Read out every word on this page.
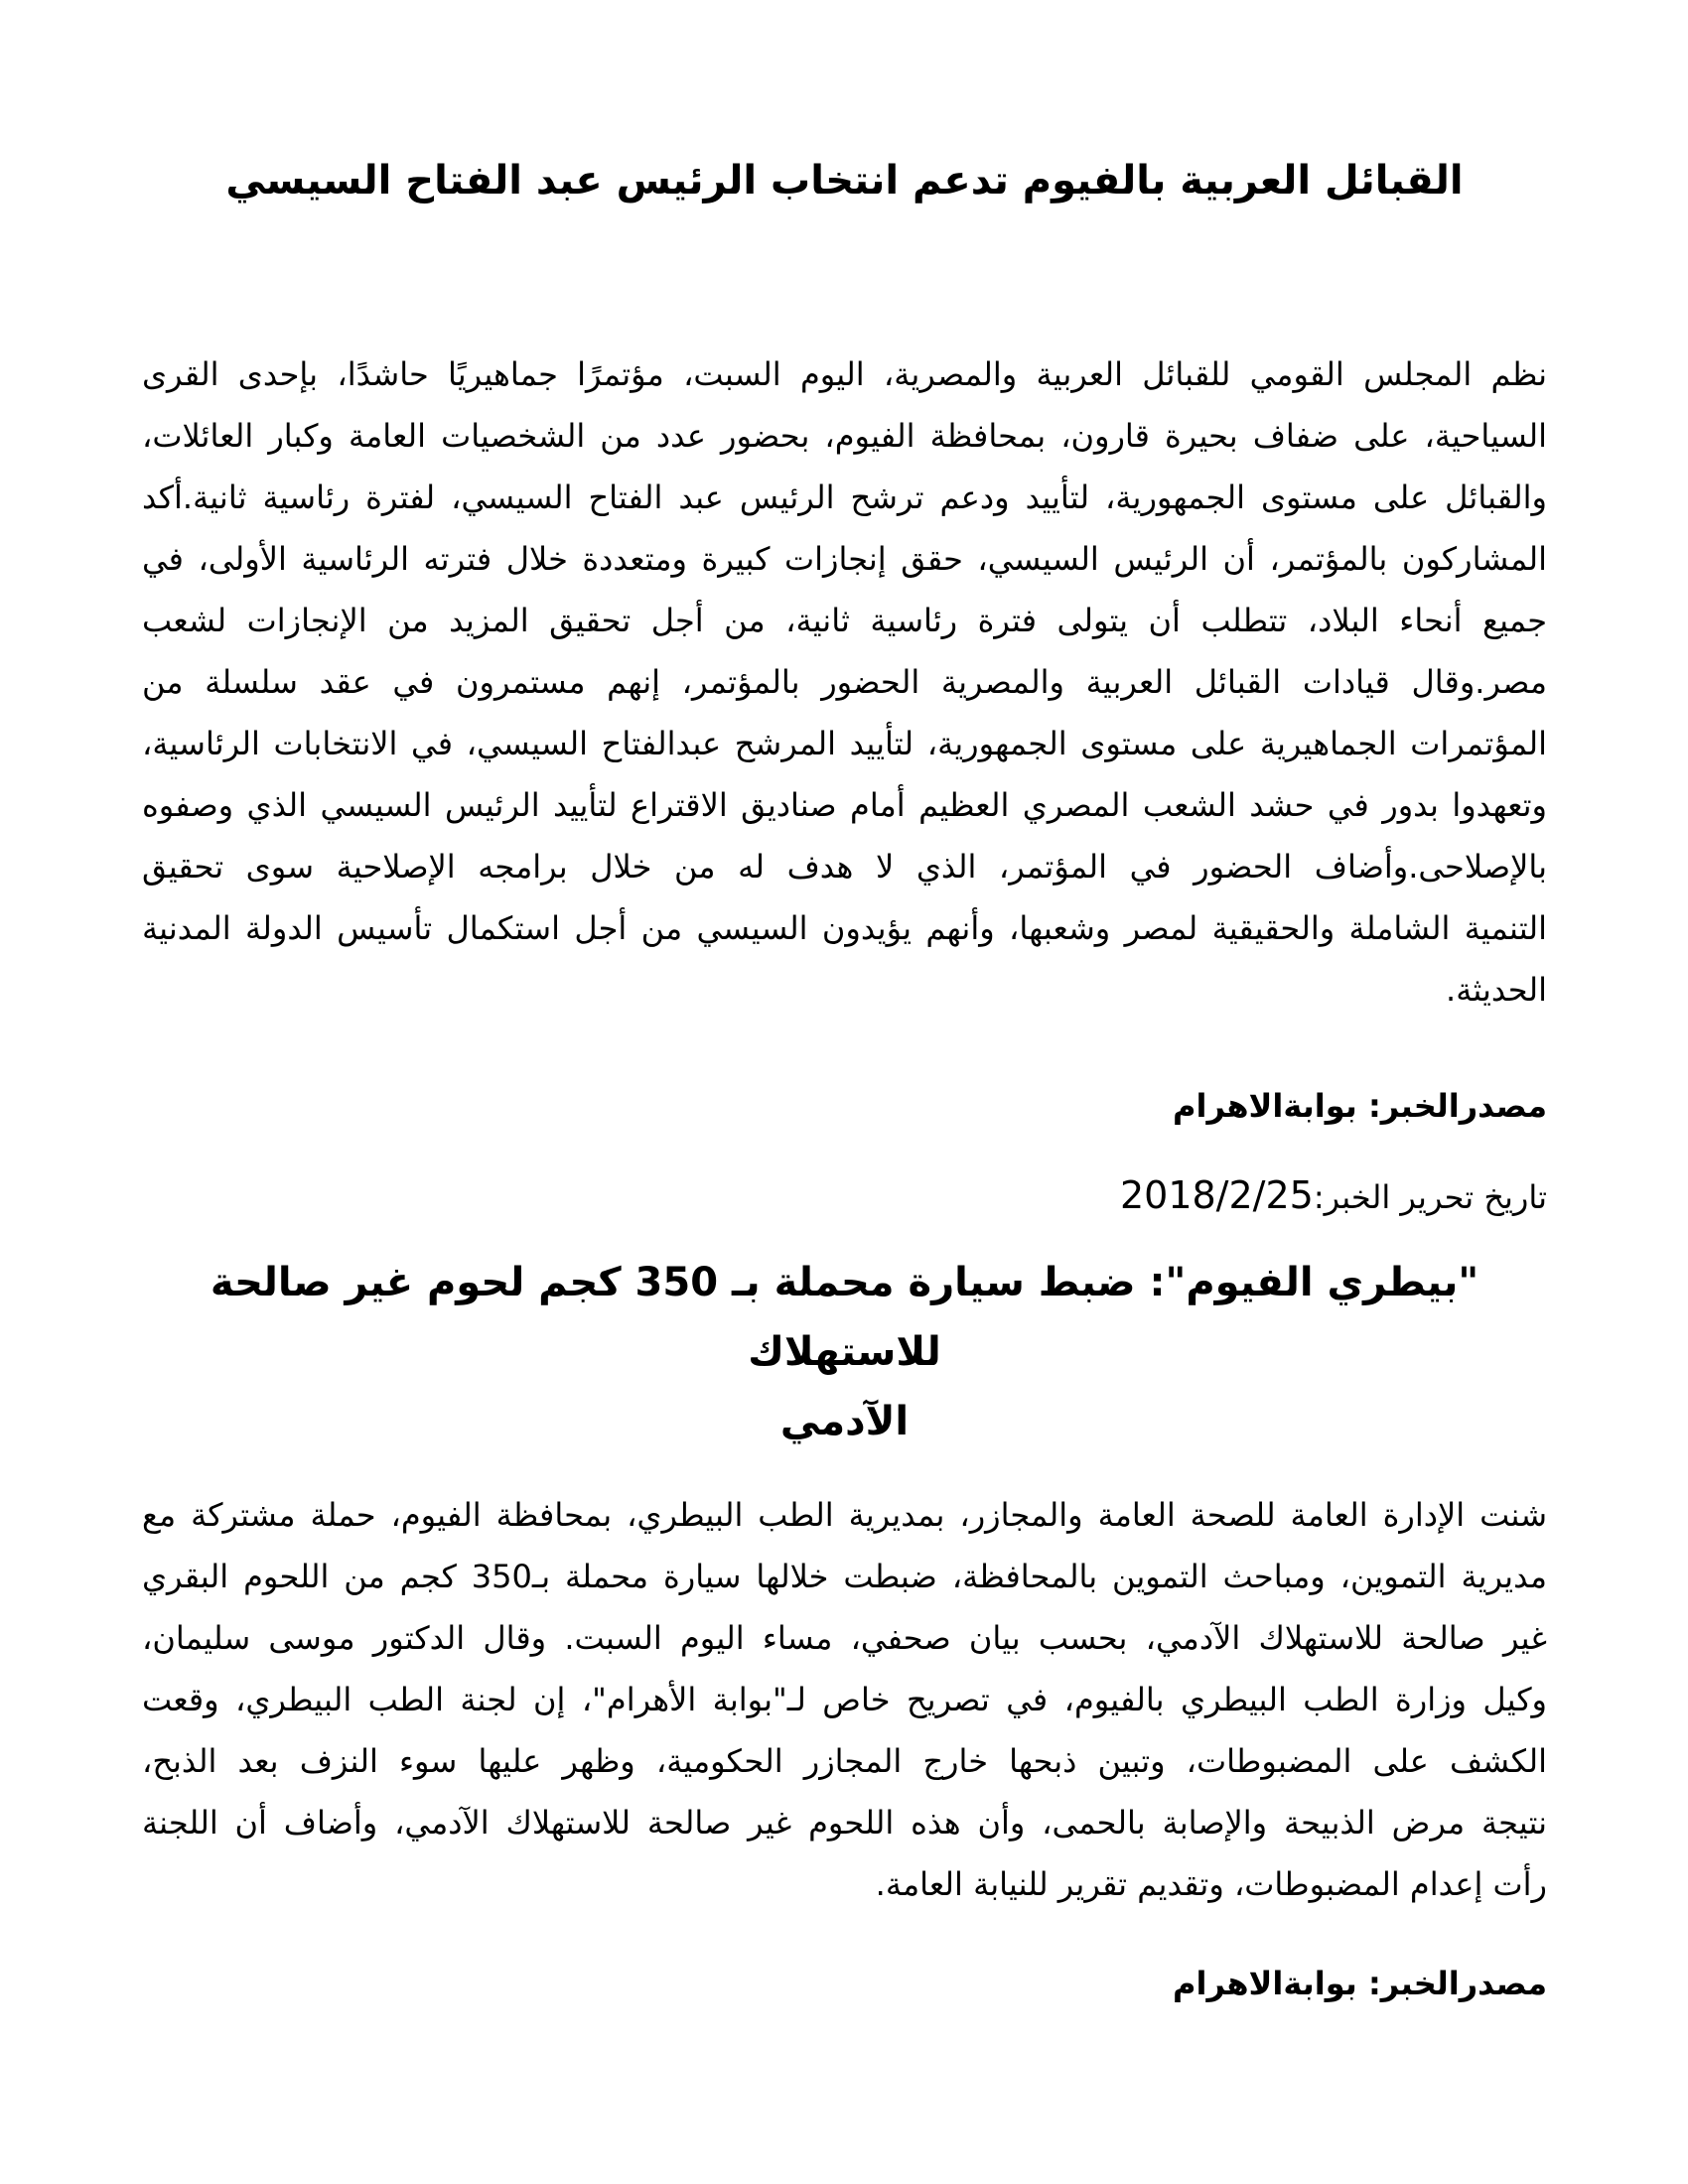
القبائل العربية بالفيوم تدعم انتخاب الرئيس عبد الفتاح السيسي
نظم المجلس القومي للقبائل العربية والمصرية، اليوم السبت، مؤتمرًا جماهيريًا حاشدًا، بإحدى القرى
السياحية، على ضفاف بحيرة قارون، بمحافظة الفيوم، بحضور عدد من الشخصيات العامة وكبار العائلات،
والقبائل على مستوى الجمهورية، لتأييد ودعم ترشح الرئيس عبد الفتاح السيسي، لفترة رئاسية ثانية.أكد
المشاركون بالمؤتمر، أن الرئيس السيسي، حقق إنجازات كبيرة ومتعددة خلال فترته الرئاسية الأولى، في
جميع أنحاء البلاد، تتطلب أن يتولى فترة رئاسية ثانية، من أجل تحقيق المزيد من الإنجازات لشعب
مصر.وقال قيادات القبائل العربية والمصرية الحضور بالمؤتمر، إنهم مستمرون في عقد سلسلة من
المؤتمرات الجماهيرية على مستوى الجمهورية، لتأييد المرشح عبدالفتاح السيسي، في الانتخابات الرئاسية،
وتعهدوا بدور في حشد الشعب المصري العظيم أمام صناديق الاقتراع لتأييد الرئيس السيسي الذي وصفوه
بالإصلاحى.وأضاف الحضور في المؤتمر، الذي لا هدف له من خلال برامجه الإصلاحية سوى تحقيق
التنمية الشاملة والحقيقية لمصر وشعبها، وأنهم يؤيدون السيسي من أجل استكمال تأسيس الدولة المدنية
الحديثة.
مصدرالخبر: بوابةالاهرام
تاريخ تحرير الخبر:2018/2/25
"بيطري الفيوم": ضبط سيارة محملة بـ 350 كجم لحوم غير صالحة للاستهلاك
الآدمي
شنت الإدارة العامة للصحة العامة والمجازر، بمديرية الطب البيطري، بمحافظة الفيوم، حملة مشتركة مع
مديرية التموين، ومباحث التموين بالمحافظة، ضبطت خلالها سيارة محملة بـ350 كجم من اللحوم البقري
غير صالحة للاستهلاك الآدمي، بحسب بيان صحفي، مساء اليوم السبت. وقال الدكتور موسى سليمان،
وكيل وزارة الطب البيطري بالفيوم، في تصريح خاص لـ"بوابة الأهرام"، إن لجنة الطب البيطري، وقعت
الكشف على المضبوطات، وتبين ذبحها خارج المجازر الحكومية، وظهر عليها سوء النزف بعد الذبح،
نتيجة مرض الذبيحة والإصابة بالحمى، وأن هذه اللحوم غير صالحة للاستهلاك الآدمي، وأضاف أن اللجنة
رأت إعدام المضبوطات، وتقديم تقرير للنيابة العامة.
مصدرالخبر: بوابةالاهرام
